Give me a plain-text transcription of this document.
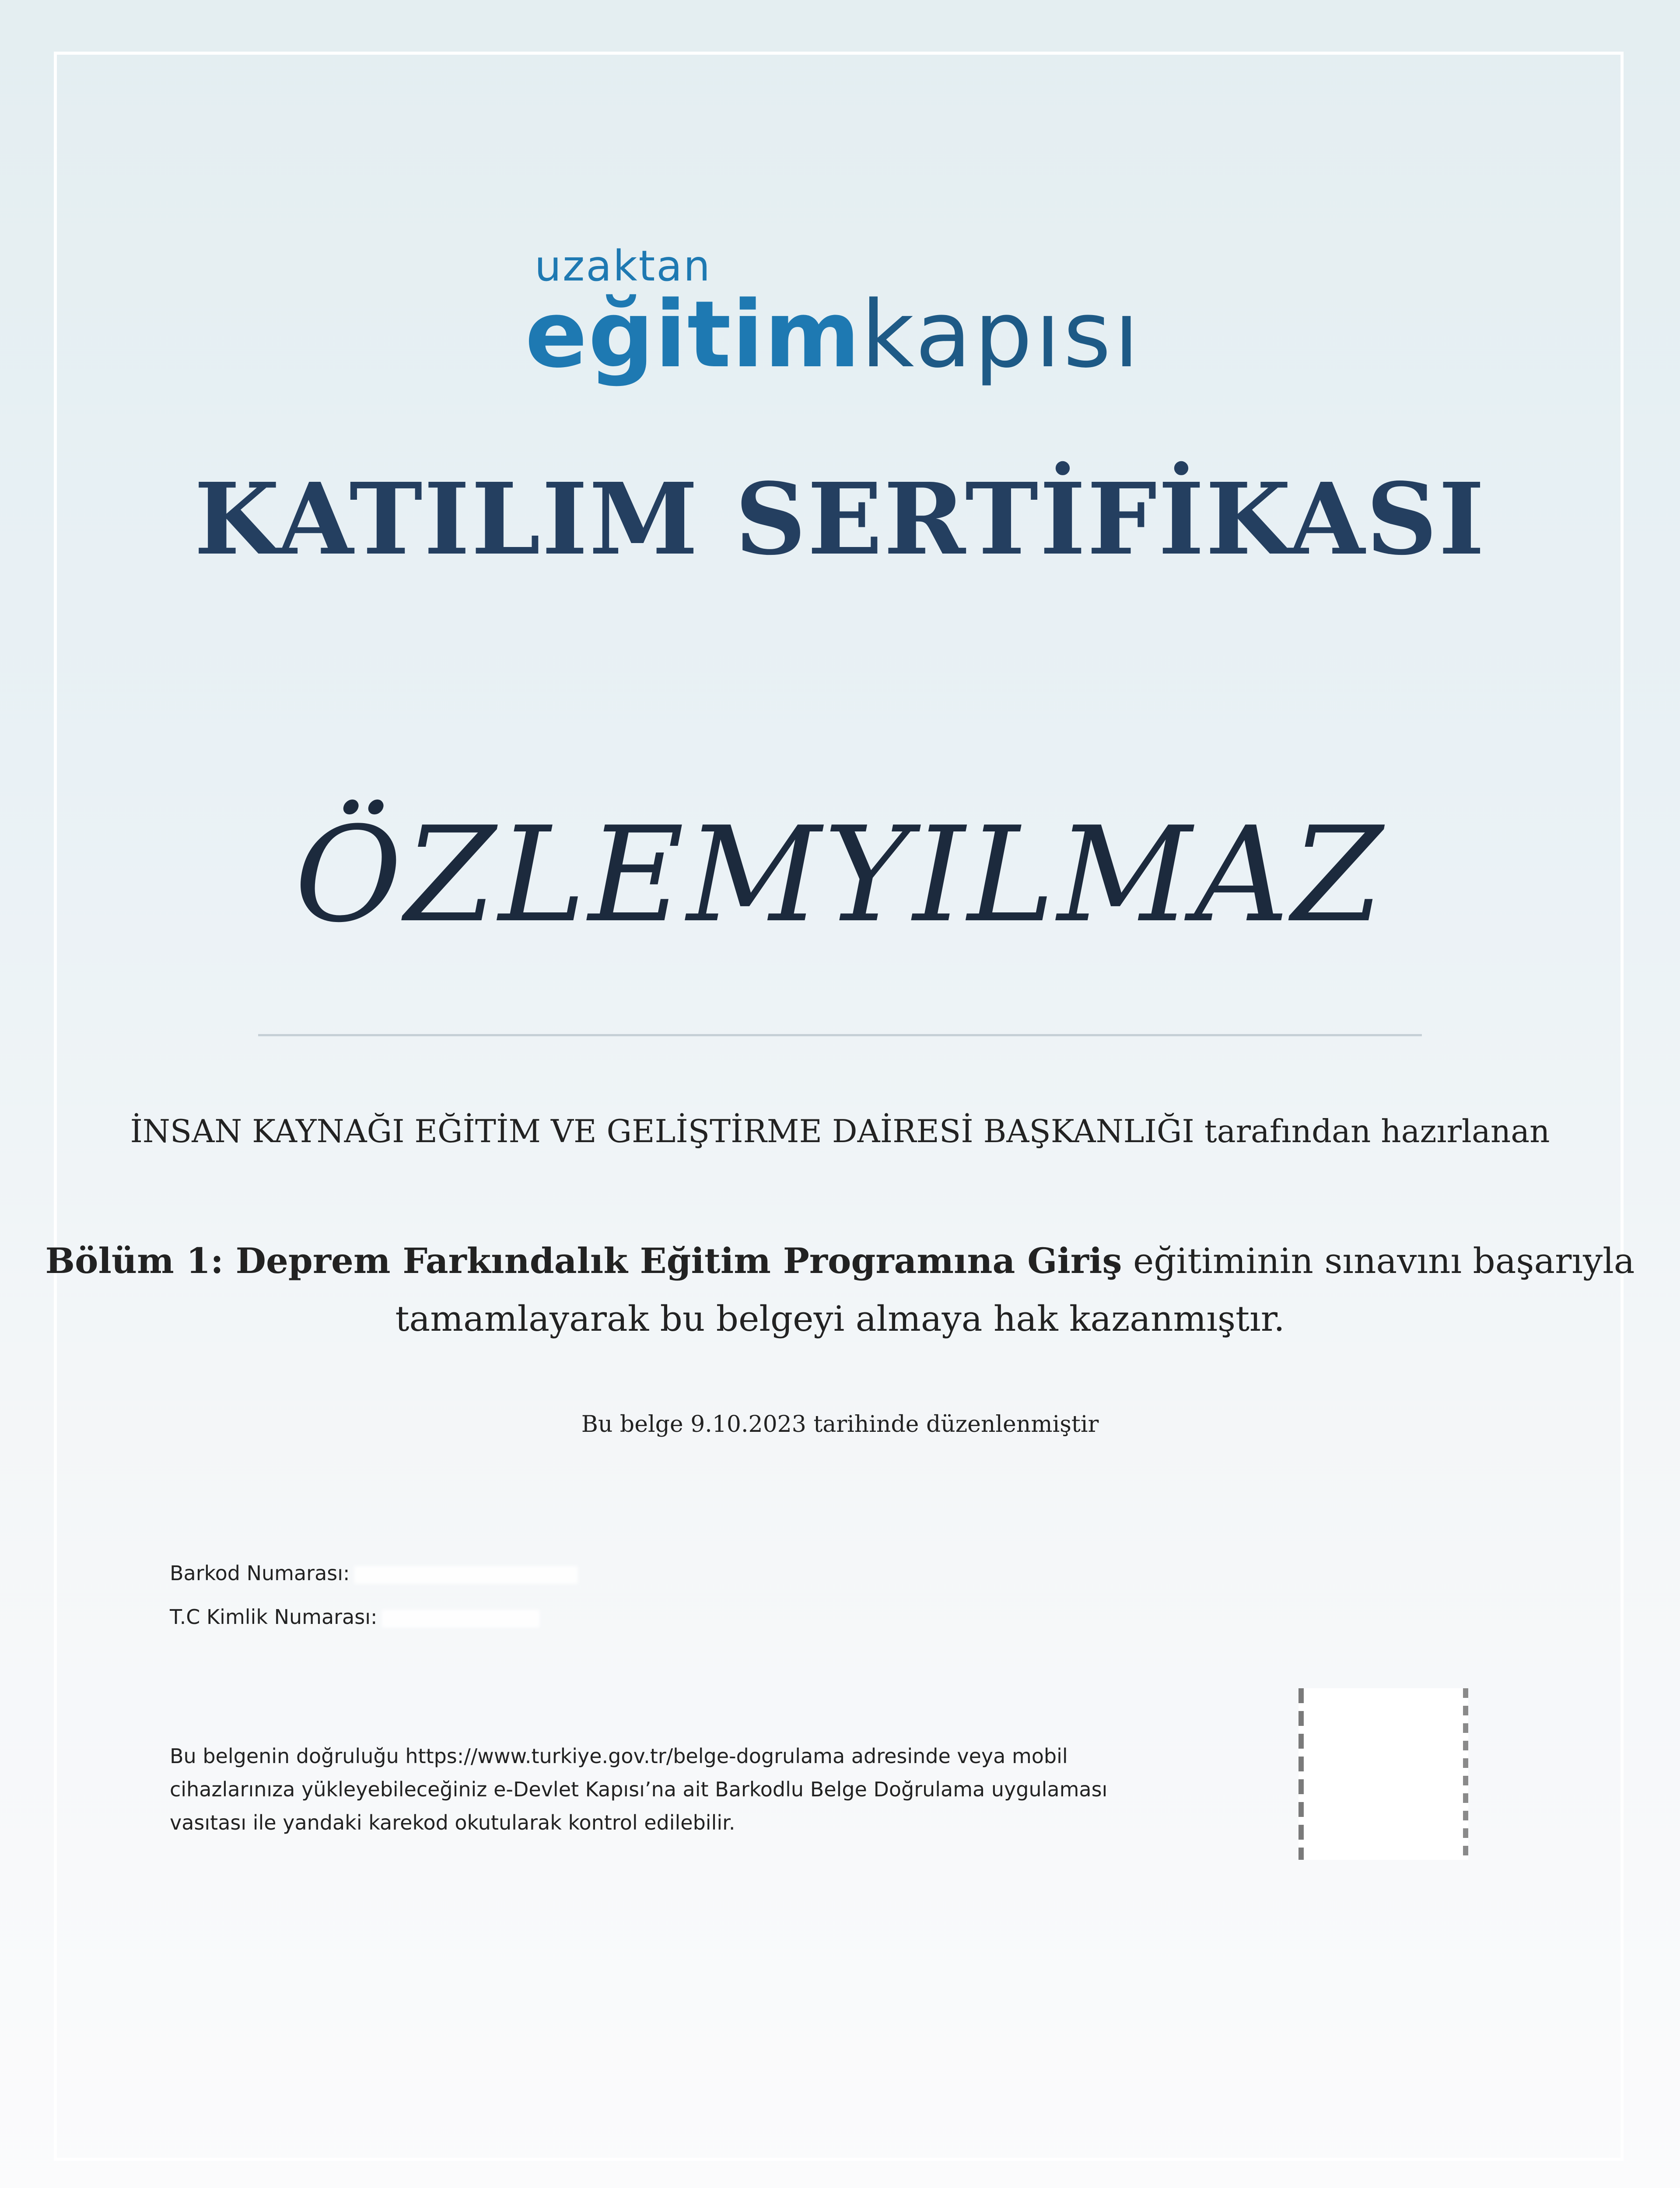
uzaktan
eğitimkapısı
KATILIM SERTİFİKASI
ÖZLEMYILMAZ
İNSAN KAYNAĞI EĞİTİM VE GELİŞTİRME DAİRESİ BAŞKANLIĞI tarafından hazırlanan
Bölüm 1: Deprem Farkındalık Eğitim Programına Giriş eğitiminin sınavını başarıyla tamamlayarak bu belgeyi almaya hak kazanmıştır.
Bu belge 9.10.2023 tarihinde düzenlenmiştir
Barkod Numarası:
T.C Kimlik Numarası:
Bu belgenin doğruluğu https://www.turkiye.gov.tr/belge-dogrulama adresinde veya mobil cihazlarınıza yükleyebileceğiniz e-Devlet Kapısı’na ait Barkodlu Belge Doğrulama uygulaması vasıtası ile yandaki karekod okutularak kontrol edilebilir.
